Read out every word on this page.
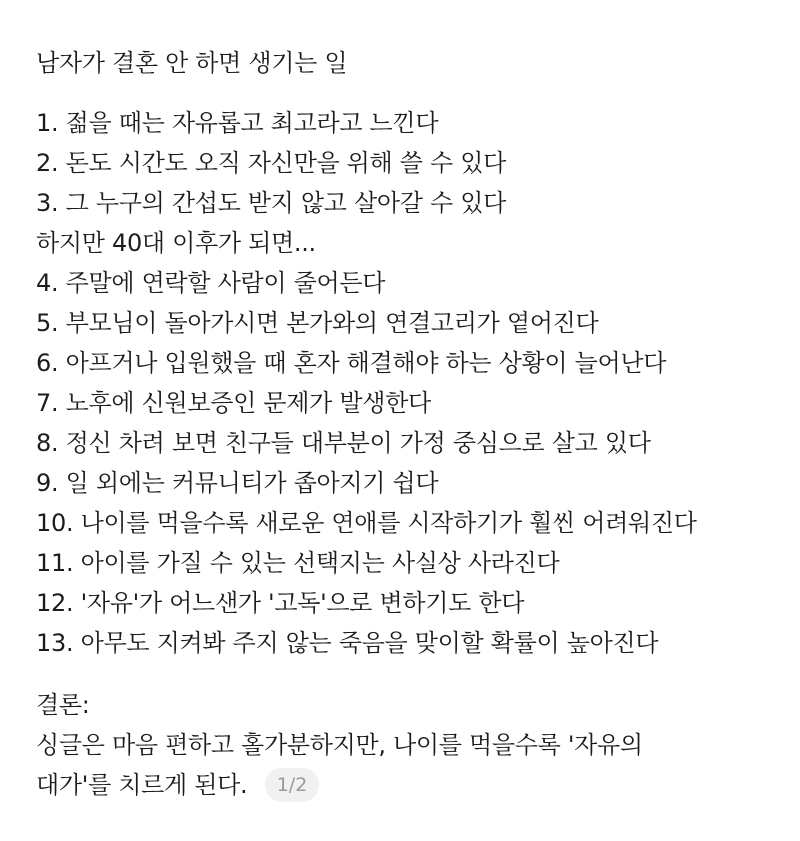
남자가 결혼 안 하면 생기는 일
1. 젊을 때는 자유롭고 최고라고 느낀다
2. 돈도 시간도 오직 자신만을 위해 쓸 수 있다
3. 그 누구의 간섭도 받지 않고 살아갈 수 있다
하지만 40대 이후가 되면...
4. 주말에 연락할 사람이 줄어든다
5. 부모님이 돌아가시면 본가와의 연결고리가 옅어진다
6. 아프거나 입원했을 때 혼자 해결해야 하는 상황이 늘어난다
7. 노후에 신원보증인 문제가 발생한다
8. 정신 차려 보면 친구들 대부분이 가정 중심으로 살고 있다
9. 일 외에는 커뮤니티가 좁아지기 쉽다
10. 나이를 먹을수록 새로운 연애를 시작하기가 훨씬 어려워진다
11. 아이를 가질 수 있는 선택지는 사실상 사라진다
12. '자유'가 어느샌가 '고독'으로 변하기도 한다
13. 아무도 지켜봐 주지 않는 죽음을 맞이할 확률이 높아진다
결론:
싱글은 마음 편하고 홀가분하지만, 나이를 먹을수록 '자유의
대가'를 치르게 된다. 1/2
